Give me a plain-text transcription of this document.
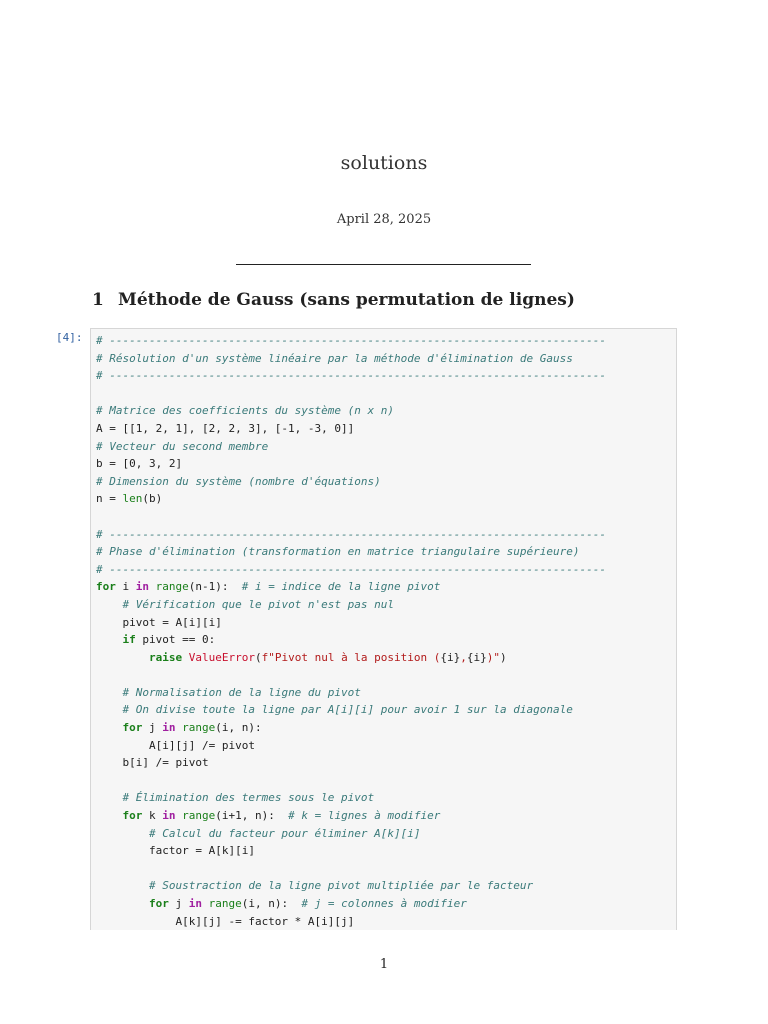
solutions
April 28, 2025
1 Méthode de Gauss (sans permutation de lignes)
[4]: # ---------------------------------------------------------------------------
# Résolution d'un système linéaire par la méthode d'élimination de Gauss
# ---------------------------------------------------------------------------
# Matrice des coefficients du système (n x n)
A = [[1, 2, 1], [2, 2, 3], [-1, -3, 0]]
# Vecteur du second membre
b = [0, 3, 2]
# Dimension du système (nombre d'équations)
n = len(b)
# ---------------------------------------------------------------------------
# Phase d'élimination (transformation en matrice triangulaire supérieure)
# ---------------------------------------------------------------------------
for i in range(n-1):  # i = indice de la ligne pivot
# Vérification que le pivot n'est pas nul
pivot = A[i][i]
if pivot == 0:
raise ValueError(f"Pivot nul à la position ({i},{i})")
# Normalisation de la ligne du pivot
# On divise toute la ligne par A[i][i] pour avoir 1 sur la diagonale
for j in range(i, n):
A[i][j] /= pivot
b[i] /= pivot
# Élimination des termes sous le pivot
for k in range(i+1, n):  # k = lignes à modifier
# Calcul du facteur pour éliminer A[k][i]
factor = A[k][i]
# Soustraction de la ligne pivot multipliée par le facteur
for j in range(i, n):  # j = colonnes à modifier
A[k][j] -= factor * A[i][j]
1
